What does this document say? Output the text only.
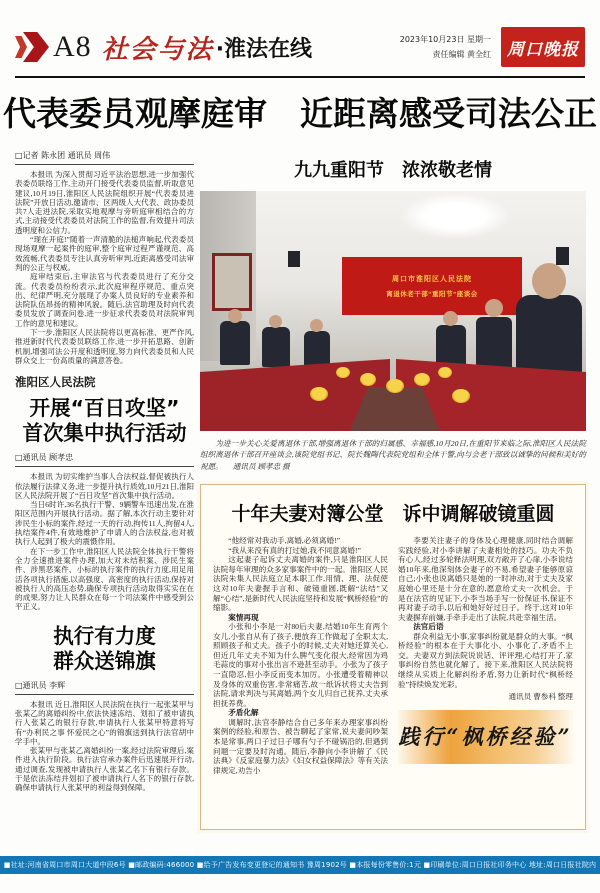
A8 社会与法 ·淮法在线	2023年10月23日 星期一
责任编辑 黄全红 周口晚报
代表委员观摩庭审　近距离感受司法公正
□记者 陈永团 通讯员 周伟

本报讯 为深入贯彻习近平法治思想,进一步加强代表委员联络工作,主动开门接受代表委员监督,听取意见建议,10月19日,淮阳区人民法院组织开展“代表委员进法院”开放日活动,邀请市、区两级人大代表、政协委员共7人走进法院,采取实地观摩与旁听庭审相结合的方式,主动接受代表委员对法院工作的监督,有效提升司法透明度和公信力。

“现在开庭!”随着一声清脆的法槌声响起,代表委员现场观摩一起案件的庭审,整个庭审过程严谨规范、高效流畅,代表委员专注认真旁听审判,近距离感受司法审判的公正与权威。

庭审结束后,主审法官与代表委员进行了充分交流。代表委员纷纷表示,此次庭审程序规范、重点突出、纪律严明,充分展现了办案人员良好的专业素养和法院队伍昂扬的精神风貌。随后,法官助理及时向代表委员发放了调查问卷,进一步征求代表委员对法院审判工作的意见和建议。

下一步,淮阳区人民法院将以更高标准、更严作风,推进新时代代表委员联络工作,进一步开拓思路、创新机制,增强司法公开度和透明度,努力向代表委员和人民群众交上一份高质量的满意答卷。

淮阳区人民法院
开展“百日攻坚”
首次集中执行活动
□通讯员 顾孝忠

本报讯 为切实维护当事人合法权益,督促被执行人依法履行法律义务,进一步提升执行质效,10月21日,淮阳区人民法院开展了“百日攻坚”首次集中执行活动。

当日6时许,36名执行干警、9辆警车迅速出发,在淮阳区范围内开展执行活动。据了解,本次行动主要针对涉民生小标的案件,经过一天的行动,拘传11人,拘留4人,执结案件4件,有效地维护了申请人的合法权益,也对被执行人起到了极大的震慑作用。

在下一步工作中,淮阳区人民法院全体执行干警将全力全速推进案件办理,加大对未结积案、涉民生案件、涉黑恶案件、小标的执行案件的执行力度,用足用活各项执行措施,以高强度、高密度的执行活动,保持对被执行人的高压态势,确保专项执行活动取得实实在在的成果,努力让人民群众在每一个司法案件中感受到公平正义。

执行有力度
群众送锦旗
□通讯员 李辉

本报讯 近日,淮阳区人民法院在执行一起张某甲与张某乙的离婚纠纷中,依法快速冻结、划扣了被申请执行人张某乙的银行存款,申请执行人张某甲特意将写有“办利民之事 怀爱民之心”的锦旗送到执行法官胡中学手中。

张某甲与张某乙离婚纠纷一案,经过法院审理后,案件进入执行阶段。执行法官承办案件后迅速展开行动,通过调查,发现被申请执行人张某乙名下有银行存款。于是依法冻结并划扣了被申请执行人名下的银行存款,确保申请执行人张某甲的利益得到保障。

九九重阳节　浓浓敬老情
周口市淮阳区人民法院
离退休老干部“重阳节”座谈会
为进一步关心关爱离退休干部,增强离退休干部的归属感、幸福感,10月20日,在重阳节来临之际,淮阳区人民法院组织离退休干部召开座谈会,该院党组书记、院长魏陶代表院党组和全体干警,向与会老干部致以诚挚的问候和美好的祝愿。 通讯员 顾孝忠 摄
十年夫妻对簿公堂　诉中调解破镜重圆

“他经常对我动手,离婚,必须离婚!”

“我从来没有真的打过她,我不同意离婚!”

这起妻子起诉丈夫离婚的案件,只是淮阳区人民法院每年审理的众多家事案件中的一起。淮阳区人民法院朱集人民法庭立足本职工作,用情、理、法促使这对10年夫妻握手言和、破镜重圆,既解“法结”又解“心结”,是新时代人民法庭坚持和发展“枫桥经验”的缩影。

案情再现

小张和小李是一对80后夫妻,结婚10年生育两个女儿,小张自从有了孩子,便放弃工作做起了全职太太,照顾孩子和丈夫。孩子小的时候,丈夫对她还算关心,但近几年丈夫不知为什么脾气变化很大,经常因为鸡毛蒜皮的事对小张出言不逊甚至动手。小张为了孩子一直隐忍,但小李反而变本加厉。小张遭受着精神以及身体的双重伤害,非常痛苦,故一纸诉状将丈夫告到法院,请求判决与其离婚,两个女儿归自己抚养,丈夫承担抚养费。

矛盾化解

调解时,法官李静结合自己多年来办理家事纠纷案例的经验,和原告、被告聊起了家常,说夫妻间吵架本是常事,两口子过日子哪有勺子不碰锅沿的,但遇到问题一定要及时沟通。随后,李静向小李讲解了《民法典》《反家庭暴力法》《妇女权益保障法》等有关法律规定,劝告小

李要关注妻子的身体及心理健康,同时结合调解实践经验,对小李讲解了夫妻相处的技巧。功夫不负有心人,经过多轮释法明理,双方敞开了心扉,小李说结婚10年来,他深刻体会妻子的不易,希望妻子能够原谅自己;小张也说离婚只是她的一时冲动,对于丈夫及家庭她心里还是十分在意的,愿意给丈夫一次机会。于是在法官的见证下,小李当场手写一份保证书,保证不再对妻子动手,以后和她好好过日子。终于,这对10年夫妻摒弃前嫌,手牵手走出了法院,共赴幸福生活。

法官后语

群众利益无小事,家事纠纷就是群众的大事。“枫桥经验”的根本在于大事化小、小事化了,矛盾不上交。夫妻双方到法院说说话、评评理,心结打开了,家事纠纷自然也就化解了。接下来,淮阳区人民法院将继续从实质上化解纠纷矛盾,努力让新时代“枫桥经验”持续焕发光彩。

通讯员 曹参科 整理
践行“枫桥经验”
■社址:河南省周口市周口大道中段6号 ■邮政编码:466000 ■给予广告发布变更登记的通知书 豫周1902号 ■本报每份零售价:1元 ■印刷单位:周口日报社印务中心 地址:周口日报社院内
